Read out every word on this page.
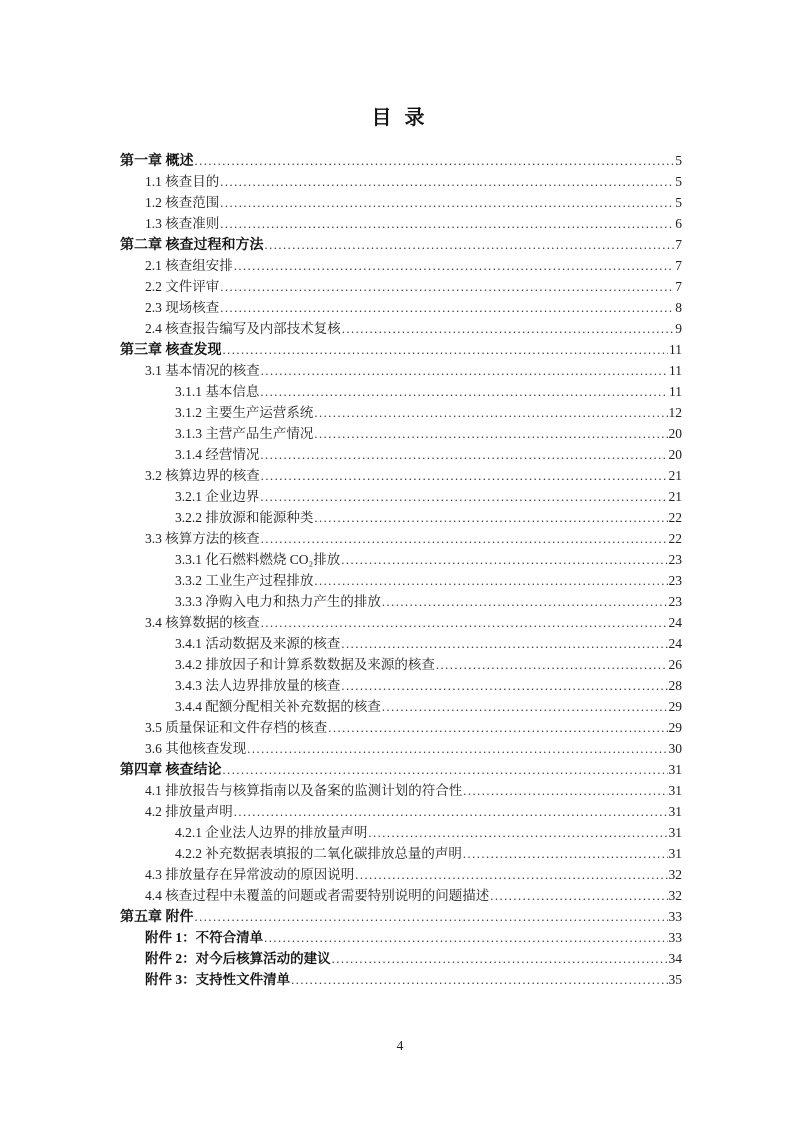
目 录
第一章 概述 .....	5
1.1 核查目的 .....	5
1.2 核查范围 .....	5
1.3 核查准则 .....	6
第二章 核查过程和方法 .....	7
2.1 核查组安排 .....	7
2.2 文件评审 .....	7
2.3 现场核查 .....	8
2.4 核查报告编写及内部技术复核 .....	9
第三章 核查发现 .....	11
3.1 基本情况的核查 .....	11
3.1.1 基本信息 .....	11
3.1.2 主要生产运营系统 .....	12
3.1.3 主营产品生产情况 .....	20
3.1.4 经营情况 .....	20
3.2 核算边界的核查 .....	21
3.2.1 企业边界 .....	21
3.2.2 排放源和能源种类 .....	22
3.3 核算方法的核查 .....	22
3.3.1 化石燃料燃烧 CO₂排放 .....	23
3.3.2 工业生产过程排放 .....	23
3.3.3 净购入电力和热力产生的排放 .....	23
3.4 核算数据的核查 .....	24
3.4.1 活动数据及来源的核查 .....	24
3.4.2 排放因子和计算系数数据及来源的核查 .....	26
3.4.3 法人边界排放量的核查 .....	28
3.4.4 配额分配相关补充数据的核查 .....	29
3.5 质量保证和文件存档的核查 .....	29
3.6 其他核查发现 .....	30
第四章 核查结论 .....	31
4.1 排放报告与核算指南以及备案的监测计划的符合性 .....	31
4.2 排放量声明 .....	31
4.2.1 企业法人边界的排放量声明 .....	31
4.2.2 补充数据表填报的二氧化碳排放总量的声明 .....	31
4.3 排放量存在异常波动的原因说明 .....	32
4.4 核查过程中未覆盖的问题或者需要特别说明的问题描述 .....	32
第五章 附件 .....	33
附件 1：不符合清单 .....	33
附件 2：对今后核算活动的建议 .....	34
附件 3：支持性文件清单 .....	35
4
